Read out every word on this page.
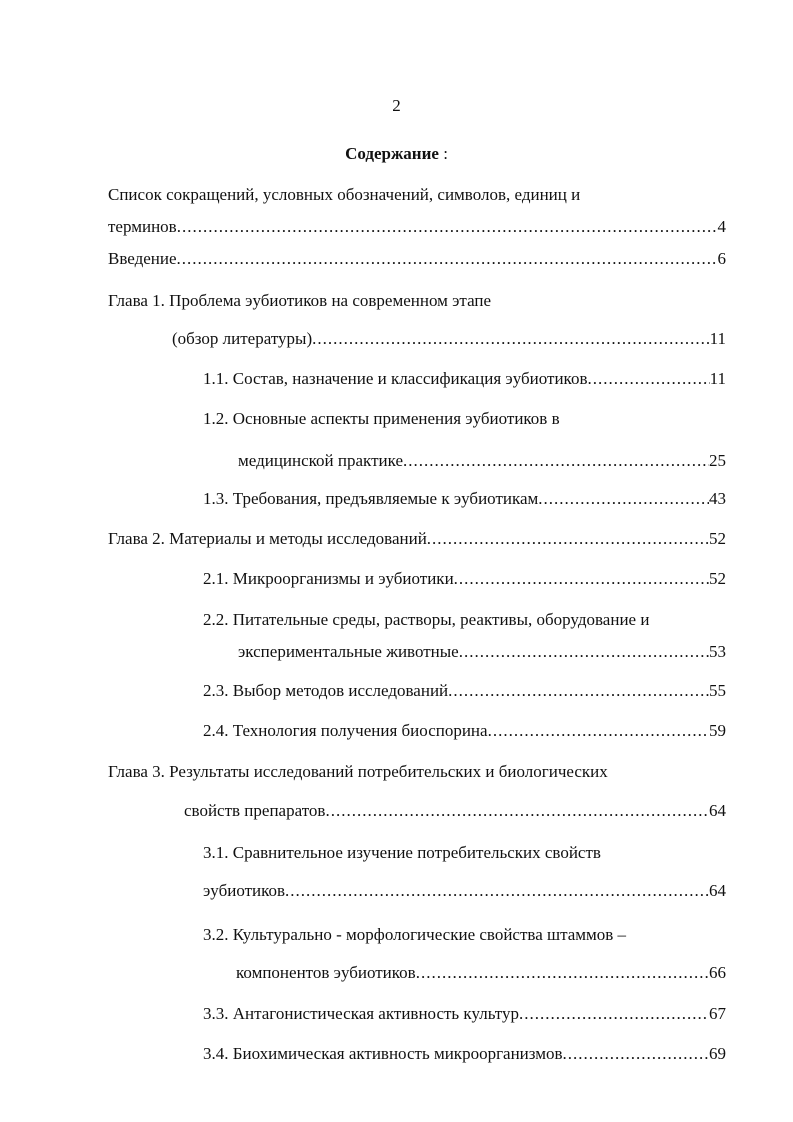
2
Содержание :
Список сокращений, условных обозначений, символов, единиц и
терминов .....	4
Введение .....	6
Глава 1. Проблема эубиотиков на современном этапе
(обзор литературы) .....	11
1.1. Состав, назначение и классификация эубиотиков .....	11
1.2. Основные аспекты применения эубиотиков в
медицинской практике .....	25
1.3. Требования, предъявляемые к эубиотикам .....	43
Глава 2. Материалы и методы исследований .....	52
2.1. Микроорганизмы и эубиотики .....	52
2.2. Питательные среды, растворы, реактивы, оборудование и
экспериментальные животные .....	53
2.3. Выбор методов исследований .....	55
2.4. Технология получения биоспорина .....	59
Глава 3. Результаты исследований потребительских и биологических
свойств препаратов .....	64
3.1. Сравнительное изучение потребительских свойств
эубиотиков .....	64
3.2. Культурально - морфологические свойства штаммов –
компонентов эубиотиков .....	66
3.3. Антагонистическая активность культур .....	67
3.4. Биохимическая активность микроорганизмов .....	69
